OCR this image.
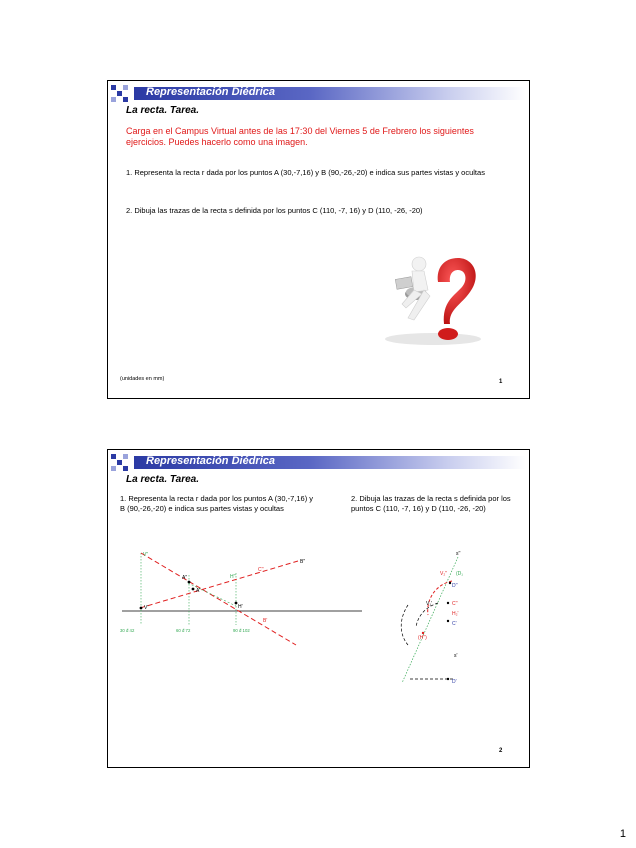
Representación Diédrica
La recta. Tarea.
Carga en el Campus Virtual antes de las 17:30 del Viernes 5 de Frebrero los siguientes ejercicios. Puedes hacerlo como una imagen.
1. Representa la recta r dada por los puntos A (30,-7,16) y B (90,-26,-20) e indica sus partes vistas y ocultas
2. Dibuja las trazas de la recta s definida por los puntos C (110, -7, 16) y D (110, -26, -20)
(unidades en mm)	1
Representación Diédrica
La recta. Tarea.
1. Representa la recta r dada por los puntos A (30,-7,16) y B (90,-26,-20) e indica sus partes vistas y ocultas
2. Dibuja las trazas de la recta s definida por los puntos C (110, -7, 16) y D (110, -26, -20)
V''
B''
A''
C''
H''
A'
H'
V'
B'
30 đ 42	60 đ 72	90 đ 102
s''
V₂'' (D₁
D''
V₁'	C''
H₂'
C'
(H'')
s'
D'
2
1
